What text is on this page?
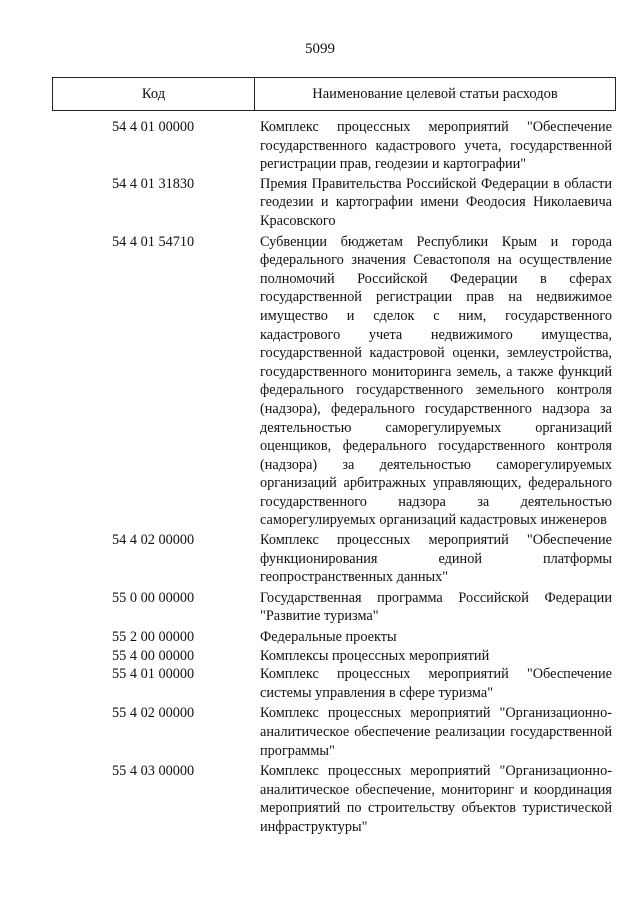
5099
Код	Наименование целевой статьи расходов
54 4 01 00000	Комплекс процессных мероприятий "Обеспечение государственного кадастрового учета, государственной регистрации прав, геодезии и картографии"
54 4 01 31830	Премия Правительства Российской Федерации в области геодезии и картографии имени Феодосия Николаевича Красовского
54 4 01 54710	Субвенции бюджетам Республики Крым и города федерального значения Севастополя на осуществление полномочий Российской Федерации в сферах государственной регистрации прав на недвижимое имущество и сделок с ним, государственного кадастрового учета недвижимого имущества, государственной кадастровой оценки, землеустройства, государственного мониторинга земель, а также функций федерального государственного земельного контроля (надзора), федерального государственного надзора за деятельностью саморегулируемых организаций оценщиков, федерального государственного контроля (надзора) за деятельностью саморегулируемых организаций арбитражных управляющих, федерального государственного надзора за деятельностью саморегулируемых организаций кадастровых инженеров
54 4 02 00000	Комплекс процессных мероприятий "Обеспечение функционирования единой платформы геопространственных данных"
55 0 00 00000	Государственная программа Российской Федерации "Развитие туризма"
55 2 00 00000	Федеральные проекты
55 4 00 00000	Комплексы процессных мероприятий
55 4 01 00000	Комплекс процессных мероприятий "Обеспечение системы управления в сфере туризма"
55 4 02 00000	Комплекс процессных мероприятий "Организационно-аналитическое обеспечение реализации государственной программы"
55 4 03 00000	Комплекс процессных мероприятий "Организационно-аналитическое обеспечение, мониторинг и координация мероприятий по строительству объектов туристической инфраструктуры"
